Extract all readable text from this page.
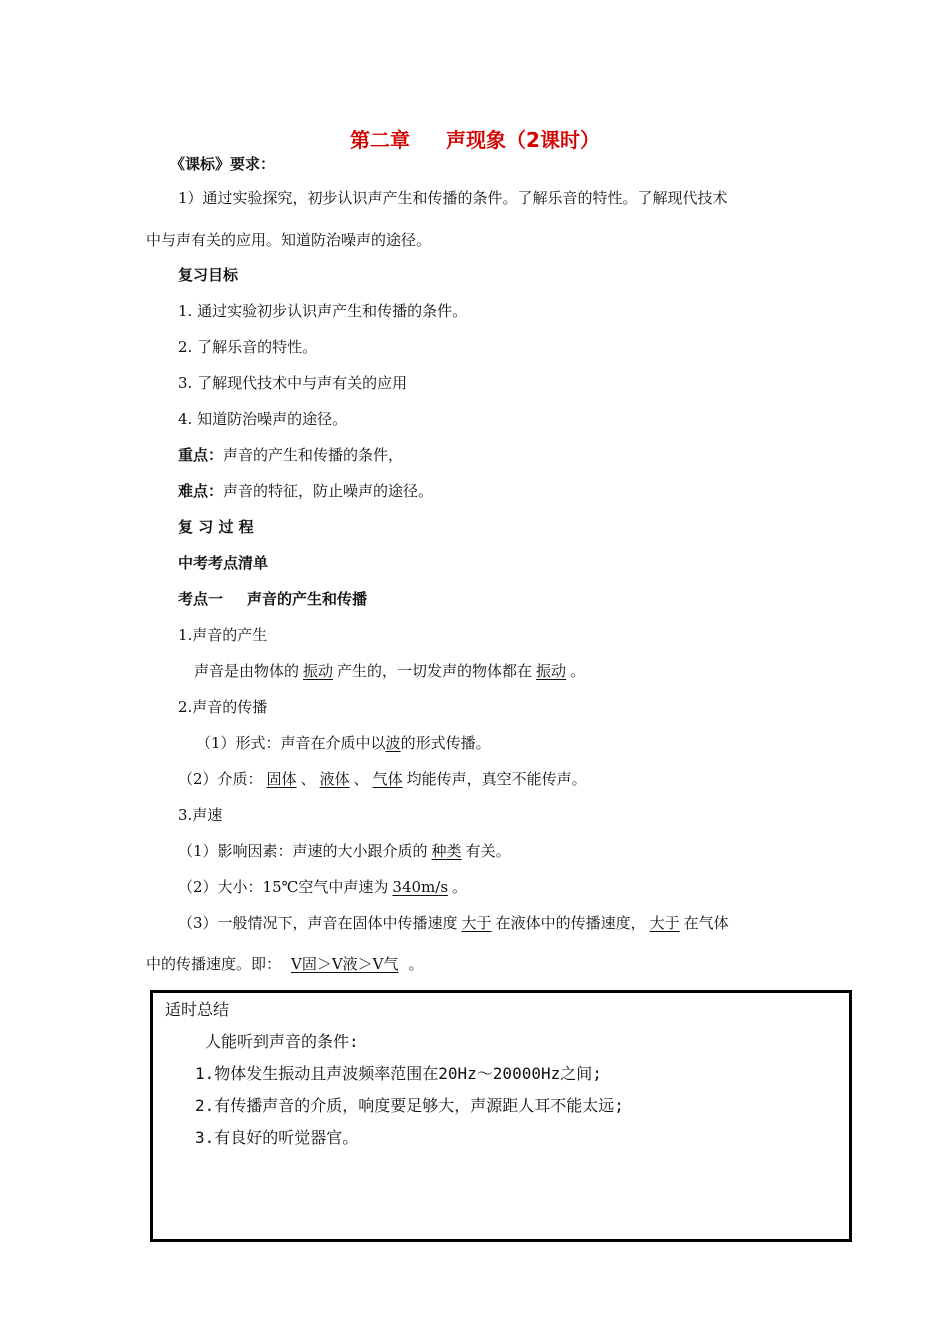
第二章 声现象（2课时）
《课标》要求：
1）通过实验探究，初步认识声产生和传播的条件。了解乐音的特性。了解现代技术
中与声有关的应用。知道防治噪声的途径。
复习目标
1. 通过实验初步认识声产生和传播的条件。
2. 了解乐音的特性。
3. 了解现代技术中与声有关的应用
4. 知道防治噪声的途径。
重点：声音的产生和传播的条件，
难点：声音的特征，防止噪声的途径。
复 习 过 程
中考考点清单
考点一 声音的产生和传播
1.声音的产生
声音是由物体的 振动 产生的，一切发声的物体都在 振动 。
2.声音的传播
（1）形式：声音在介质中以波的形式传播。
（2）介质： 固体 、 液体 、 气体 均能传声，真空不能传声。
3.声速
（1）影响因素：声速的大小跟介质的 种类 有关。
（2）大小：15℃空气中声速为 340m/s 。
（3）一般情况下，声音在固体中传播速度 大于 在液体中的传播速度， 大于 在气体
中的传播速度。即： V固＞V液＞V气 。
适时总结
人能听到声音的条件:
1.物体发生振动且声波频率范围在20Hz～20000Hz之间;
2.有传播声音的介质，响度要足够大，声源距人耳不能太远;
3.有良好的听觉器官。
